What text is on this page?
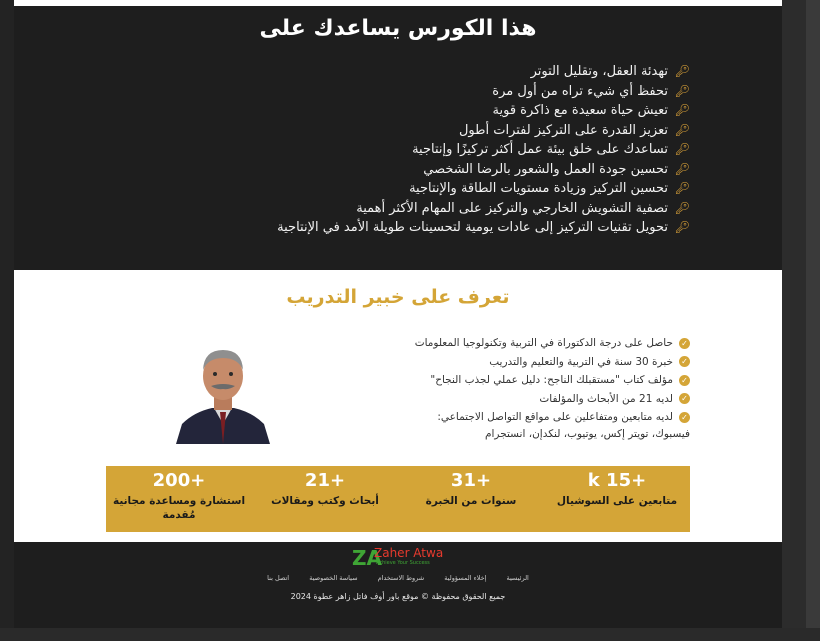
هذا الكورس يساعدك على
🔑︎
تهدئة العقل، وتقليل التوتر
🔑︎
تحفظ أي شيء تراه من أول مرة
🔑︎
تعيش حياة سعيدة مع ذاكرة قوية
🔑︎
تعزيز القدرة على التركيز لفترات أطول
🔑︎
تساعدك على خلق بيئة عمل أكثر تركيزًا وإنتاجية
🔑︎
تحسين جودة العمل والشعور بالرضا الشخصي
🔑︎
تحسين التركيز وزيادة مستويات الطاقة والإنتاجية
🔑︎
تصفية التشويش الخارجي والتركيز على المهام الأكثر أهمية
🔑︎
تحويل تقنيات التركيز إلى عادات يومية لتحسينات طويلة الأمد في الإنتاجية
تعرف على خبير التدريب
✓
حاصل على درجة الدكتوراة في التربية وتكنولوجيا المعلومات
✓
خبرة 30 سنة في التربية والتعليم والتدريب
✓
مؤلف كتاب "مستقبلك الناجح: دليل عملي لجذب النجاح"
✓
لديه 21 من الأبحاث والمؤلفات
✓
لديه متابعين ومتفاعلين على مواقع التواصل الاجتماعي:
فيسبوك، تويتر إكس، يوتيوب، لنكدإن، انستجرام
+15 k
متابعين على السوشيال
+31
سنوات من الخبرة
+21
أبحاث وكتب ومقالات
+200
استشارة ومساعدة مجانية مُقدمة
ZA
Zaher Atwa
Achieve Your Success
الرئيسية إخلاء المسؤولية شروط الاستخدام سياسة الخصوصية اتصل بنا
جميع الحقوق محفوظة © موقع باور أوف فاتل زاهر عطوة 2024
